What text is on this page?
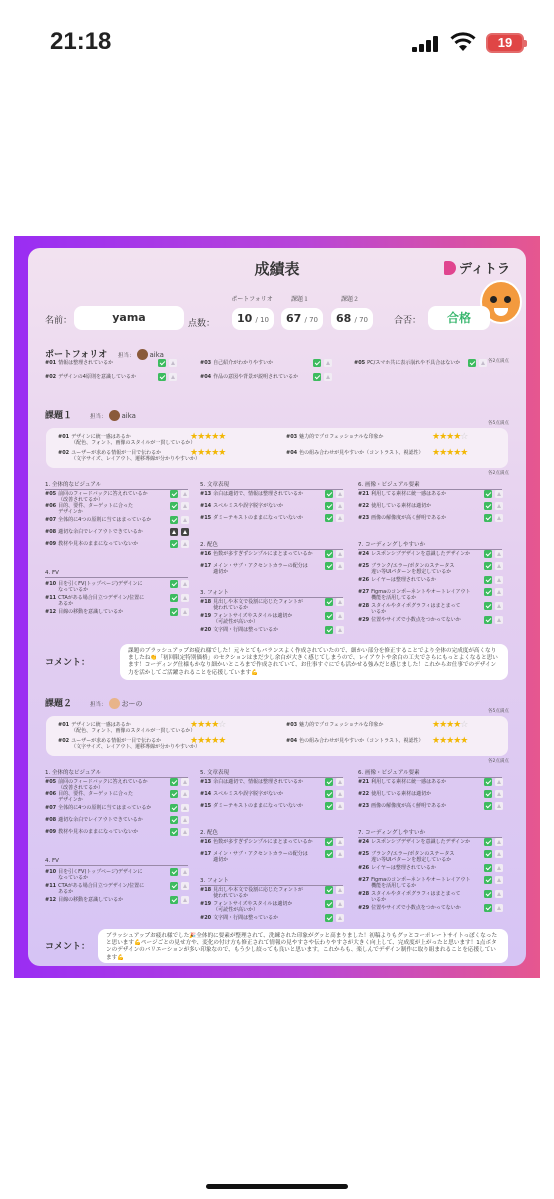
21:18	19
成績表	ディトラ
名前：	yama	点数：
ポートフォリオ	課題１	課題２
10 / 10	67 / 70	68 / 70	合否：	合格
ポートフォリオ 担当： aika
各2点満点
課題１	担当： aika
各5点満点
各2点満点
コメント：
課題のブラッシュアップお疲れ様でした！元々とてもバランスよく作成されていたので、細かい部分を修正することでより全体の完成度が高くなりましたね👏「初回限定特別価格」のセクションはまだ少し余白が大きく感じてしまうので、レイアウトや余白の工夫でさらにもっとよくなると思います！コーディング仕様もかなり細かいところまで作成されていて、お仕事すぐにでも活かせる強みだと感じました！これからお仕事でのデザイン力を活かしてご活躍されることを応援しています💪
課題２	担当： おーの
各5点満点
各2点満点
コメント：
ブラッシュアップお疲れ様でした🎉全体的に要素が整理されて、洗練された印象がグッと高まりました！初稿よりもグッとコーポレートサイトっぽくなったと思います💪ページごとの見せ方や、変化の付け方も修正されて情報の見やすさや伝わりやすさが大きく向上して、完成度が上がったと思います！1点ボタンのデザインのバリエーションが多い印象なので、もう少し絞っても良いと思います。これからも、楽しんでデザイン制作に取り組まれることを応援しています💪
#01 情報は整理されているか
#02 デザインの4原則を意識しているか
#03 自己紹介がわかりやすいか
#04 作品の意図や背景が説明されているか
#05 PC/スマホ共に表示崩れや不具合はないか
#01 デザインに統一感はあるか
（配色、フォント、画像のスタイルが一貫しているか）
★★★★★
#02 ユーザーが求める情報が一目で伝わるか
（文字サイズ、レイアウト、遷移導線が分かりやすいか）
★★★★★
#03 魅力的でプロフェッショナルな印象か	★★★★☆
#04 色の組み合わせが見やすいか（コントラスト、視認性） ★★★★★
#01 デザインに統一感はあるか
（配色、フォント、画像のスタイルが一貫しているか）
★★★★☆
#02 ユーザーが求める情報が一目で伝わるか
（文字サイズ、レイアウト、遷移導線が分かりやすいか）
★★★★★
#03 魅力的でプロフェッショナルな印象か	★★★★☆
#04 色の組み合わせが見やすいか（コントラスト、視認性） ★★★★★
1. 全体的なビジュアル
#05 前回のフィードバックに答えれているか
（改善されてるか）
#06 目的、要件、ターゲットに合った
デザインか
#07 全体的に4つの原則に当てはまっているか
#08 適切な余白でレイアウトできているか
#09 教材や見本のままになっていないか
4. FV
#10 目を引くFV(トップページ)デザインに
なっているか
#11 CTAがある場合目立つデザイン/位置に
あるか
#12 目線の移動を意識しているか
5. 文章表現
#13 余白は適切で、情報は整理されているか
#14 スペルミスや誤字脱字がないか
#15 ダミーテキストのままになっていないか
2. 配色
#16 色数が多すぎずシンプルにまとまっているか
#17 メイン・サブ・アクセントカラーの配分は
適切か
3. フォント
#18 見出しや本文で役割に応じたフォントが
使われているか
#19 フォントサイズやスタイルは適切か
（可読性が高いか）
#20 文字間・行間は整っているか
6. 画像・ビジュアル要素
#21 利用してる素材に統一感はあるか
#22 使用している素材は適切か
#23 画像の解像度が高く鮮明であるか
7. コーディングしやすいか
#24 レスポンシブデザインを意識したデザインか
#25 ブランク/エラー/ボタンのステータス
違い等UIパターンを想定しているか
#26 レイヤーは整理されているか
#27 Figmaのコンポーネントやオートレイアウト
機能を活用してるか
#28 スタイルやタイポグラフィはまとまって
いるか
#29 位置やサイズで小数点をつかってないか
1. 全体的なビジュアル
#05 前回のフィードバックに答えれているか
（改善されてるか）
#06 目的、要件、ターゲットに合った
デザインか
#07 全体的に4つの原則に当てはまっているか
#08 適切な余白でレイアウトできているか
#09 教材や見本のままになっていないか
4. FV
#10 目を引くFV(トップページ)デザインに
なっているか
#11 CTAがある場合目立つデザイン/位置に
あるか
#12 目線の移動を意識しているか
5. 文章表現
#13 余白は適切で、情報は整理されているか
#14 スペルミスや誤字脱字がないか
#15 ダミーテキストのままになっていないか
2. 配色
#16 色数が多すぎずシンプルにまとまっているか
#17 メイン・サブ・アクセントカラーの配分は
適切か
3. フォント
#18 見出しや本文で役割に応じたフォントが
使われているか
#19 フォントサイズやスタイルは適切か
（可読性が高いか）
#20 文字間・行間は整っているか
6. 画像・ビジュアル要素
#21 利用してる素材に統一感はあるか
#22 使用している素材は適切か
#23 画像の解像度が高く鮮明であるか
7. コーディングしやすいか
#24 レスポンシブデザインを意識したデザインか
#25 ブランク/エラー/ボタンのステータス
違い等UIパターンを想定しているか
#26 レイヤーは整理されているか
#27 Figmaのコンポーネントやオートレイアウト
機能を活用してるか
#28 スタイルやタイポグラフィはまとまって
いるか
#29 位置やサイズで小数点をつかってないか
